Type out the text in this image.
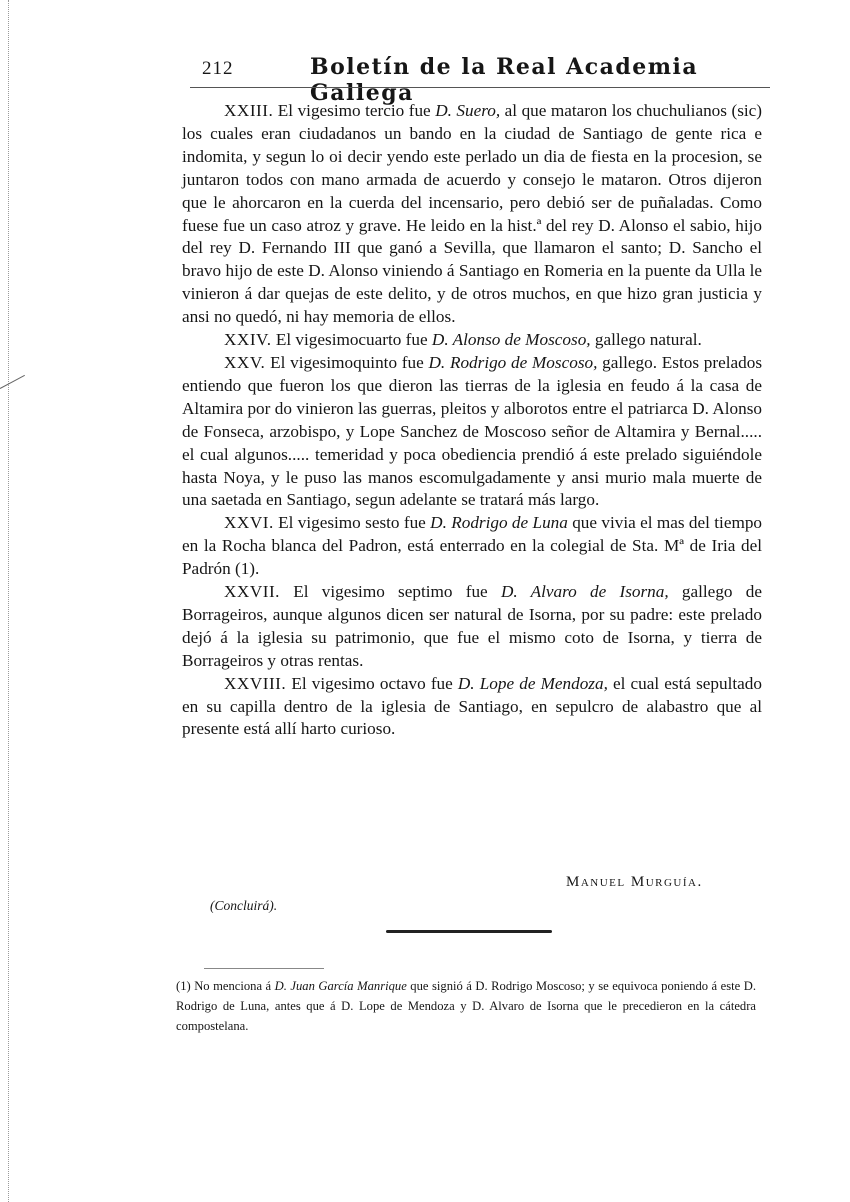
212	Boletín de la Real Academia Gallega

XXIII. El vigesimo tercio fue D. Suero, al que mataron los chuchulianos (sic) los cuales eran ciudadanos un bando en la ciudad de Santiago de gente rica e indomita, y segun lo oi decir yendo este perlado un dia de fiesta en la procesion, se juntaron todos con mano armada de acuerdo y consejo le mataron. Otros dijeron que le ahorcaron en la cuerda del incensario, pero debió ser de puñaladas. Como fuese fue un caso atroz y grave. He leido en la hist.ª del rey D. Alonso el sabio, hijo del rey D. Fernando III que ganó a Sevilla, que llamaron el santo; D. Sancho el bravo hijo de este D. Alonso viniendo á Santiago en Romeria en la puente da Ulla le vinieron á dar quejas de este delito, y de otros muchos, en que hizo gran justicia y ansi no quedó, ni hay memoria de ellos.

XXIV. El vigesimocuarto fue D. Alonso de Moscoso, gallego natural.

XXV. El vigesimoquinto fue D. Rodrigo de Moscoso, gallego. Estos prelados entiendo que fueron los que dieron las tierras de la iglesia en feudo á la casa de Altamira por do vinieron las guerras, pleitos y alborotos entre el patriarca D. Alonso de Fonseca, arzobispo, y Lope Sanchez de Moscoso señor de Altamira y Bernal..... el cual algunos..... temeridad y poca obediencia prendió á este prelado siguiéndole hasta Noya, y le puso las manos escomulgadamente y ansi murio mala muerte de una saetada en Santiago, segun adelante se tratará más largo.

XXVI. El vigesimo sesto fue D. Rodrigo de Luna que vivia el mas del tiempo en la Rocha blanca del Padron, está enterrado en la colegial de Sta. Mª de Iria del Padrón (1).

XXVII. El vigesimo septimo fue D. Alvaro de Isorna, gallego de Borrageiros, aunque algunos dicen ser natural de Isorna, por su padre: este prelado dejó á la iglesia su patrimonio, que fue el mismo coto de Isorna, y tierra de Borrageiros y otras rentas.

XXVIII. El vigesimo octavo fue D. Lope de Mendoza, el cual está sepultado en su capilla dentro de la iglesia de Santiago, en sepulcro de alabastro que al presente está allí harto curioso.

Manuel Murguía.
(Concluirá).
(1) No menciona á D. Juan García Manrique que signió á D. Rodrigo Moscoso; y se equivoca poniendo á este D. Rodrigo de Luna, antes que á D. Lope de Mendoza y D. Alvaro de Isorna que le precedieron en la cátedra compostelana.
